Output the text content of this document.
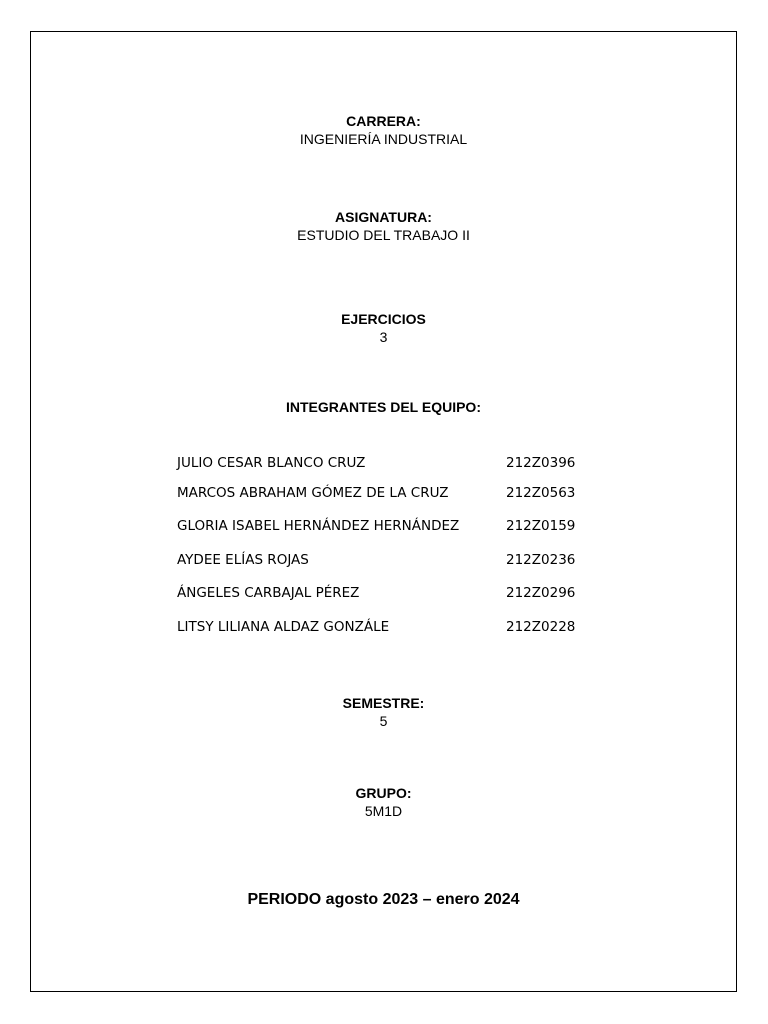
CARRERA:
INGENIERÍA INDUSTRIAL
ASIGNATURA:
ESTUDIO DEL TRABAJO II
EJERCICIOS
3
INTEGRANTES DEL EQUIPO:
JULIO CESAR BLANCO CRUZ	212Z0396
MARCOS ABRAHAM GÓMEZ DE LA CRUZ	212Z0563
GLORIA ISABEL HERNÁNDEZ HERNÁNDEZ	212Z0159
AYDEE ELÍAS ROJAS	212Z0236
ÁNGELES CARBAJAL PÉREZ	212Z0296
LITSY LILIANA ALDAZ GONZÁLE	212Z0228
SEMESTRE:
5
GRUPO:
5M1D
PERIODO agosto 2023 – enero 2024
